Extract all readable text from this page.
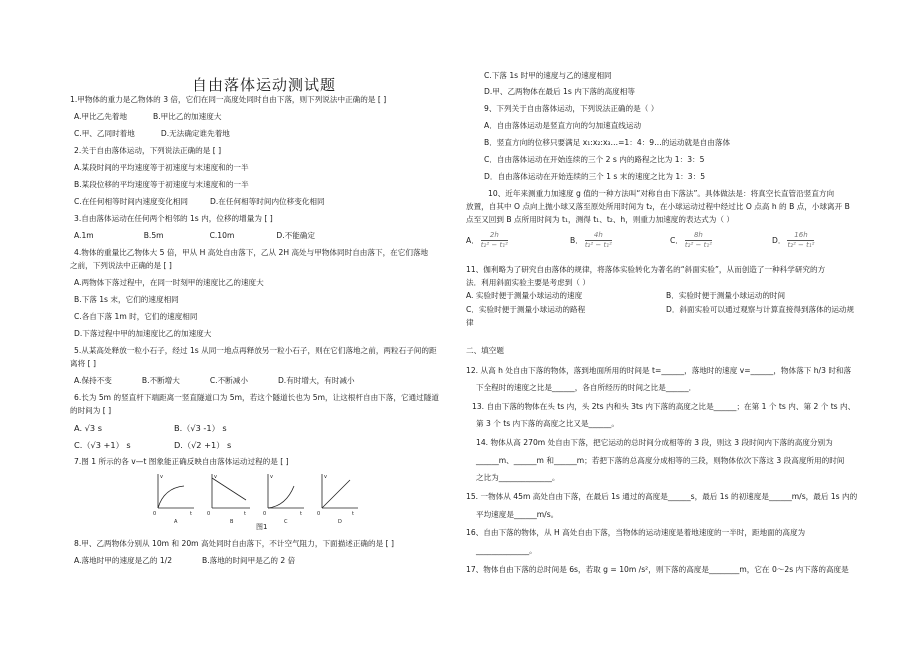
自由落体运动测试题
1.甲物体的重力是乙物体的 3 倍，它们在同一高度处同时自由下落，则下列说法中正确的是 [ ]
A.甲比乙先着地	B.甲比乙的加速度大
C.甲、乙同时着地	D.无法确定谁先着地
2.关于自由落体运动，下列说法正确的是 [ ]
A.某段时间的平均速度等于初速度与末速度和的一半
B.某段位移的平均速度等于初速度与末速度和的一半
C.在任何相等时间内速度变化相同	D.在任何相等时间内位移变化相同
3.自由落体运动在任何两个相邻的 1s 内，位移的增量为 [ ]
A.1m	B.5m	C.10m	D.不能确定
4.物体的重量比乙物体大 5 倍，甲从 H 高处自由落下，乙从 2H 高处与甲物体同时自由落下，在它们落地
之前，下列说法中正确的是 [ ]
A.两物体下落过程中，在同一时刻甲的速度比乙的速度大
B.下落 1s 末，它们的速度相同
C.各自下落 1m 时，它们的速度相同
D.下落过程中甲的加速度比乙的加速度大
5.从某高处释放一粒小石子，经过 1s 从同一地点再释放另一粒小石子，则在它们落地之前，两粒石子间的距
离将 [ ]
A.保持不变	B.不断增大	C.不断减小	D.有时增大，有时减小
6.长为 5m 的竖直杆下端距离一竖直隧道口为 5m，若这个隧道长也为 5m，让这根杆自由下落，它通过隧道
的时间为 [ ]
A. √3 s	B.（√3 -1） s
C.（√3 +1） s	D.（√2 +1） s
7.图 1 所示的各 v—t 图象能正确反映自由落体运动过程的是 [ ]
v	v	v	v
t	t	t	t
0	0	0	0
A	B	C	D
图1
8.甲、乙两物体分别从 10m 和 20m 高处同时自由落下，不计空气阻力，下面描述正确的是 [ ]
A.落地时甲的速度是乙的 1/2	B.落地的时间甲是乙的 2 倍
C.下落 1s 时甲的速度与乙的速度相同
D.甲、乙两物体在最后 1s 内下落的高度相等
9、下列关于自由落体运动，下列说法正确的是（ ）
A．自由落体运动是竖直方向的匀加速直线运动
B．竖直方向的位移只要满足 x₁:x₂:x₃…=1：4：9…的运动就是自由落体
C．自由落体运动在开始连续的三个 2 s 内的路程之比为 1：3：5
D．自由落体运动在开始连续的三个 1 s 末的速度之比为 1：3：5
10、近年来测重力加速度 g 值的一种方法叫“对称自由下落法”。具体做法是：将真空长直管沿竖直方向
放置，自其中 O 点向上抛小球又落至原处所用时间为 t₂，在小球运动过程中经过比 O 点高 h 的 B 点，小球离开 B
点至又回到 B 点所用时间为 t₁，测得 t₁、t₂、h，则重力加速度的表达式为（ ）
A． $\frac{2h}{\text{t₂² − t₁²}}$	B． $\frac{4h}{\text{t₂² − t₁²}}$	C． $\frac{8h}{\text{t₂² − t₁²}}$	D． $\frac{16h}{\text{t₂² − t₁²}}$
11、伽利略为了研究自由落体的规律，将落体实验转化为著名的“斜面实验”，从而创造了一种科学研究的方
法．利用斜面实验主要是考虑到（ ）
A. 实验时便于测量小球运动的速度	B．实验时便于测量小球运动的时间
C．实验时便于测量小球运动的路程	D．斜面实验可以通过观察与计算直接得到落体的运动规
律
二、填空题
12. 从高 h 处自由下落的物体，落到地面所用的时间是 t=______，落地时的速度 v=______，物体落下 h/3 时和落
下全程时的速度之比是______，各自所经历的时间之比是______．
13. 自由下落的物体在头 ts 内，头 2ts 内和头 3ts 内下落的高度之比是______；在第 1 个 ts 内、第 2 个 ts 内、
第 3 个 ts 内下落的高度之比又是______。
14. 物体从高 270m 处自由下落，把它运动的总时间分成相等的 3 段，则这 3 段时间内下落的高度分别为
______m、______m 和______m；若把下落的总高度分成相等的三段，则物体依次下落这 3 段高度所用的时间
之比为______________。
15. 一物体从 45m 高处自由下落，在最后 1s 通过的高度是______s，最后 1s 的初速度是______m/s，最后 1s 内的
平均速度是______m/s。
16、自由下落的物体，从 H 高处自由下落，当物体的运动速度是着地速度的一半时，距地面的高度为
______________。
17、物体自由下落的总时间是 6s，若取 g = 10m /s²，则下落的高度是________m，它在 0～2s 内下落的高度是
